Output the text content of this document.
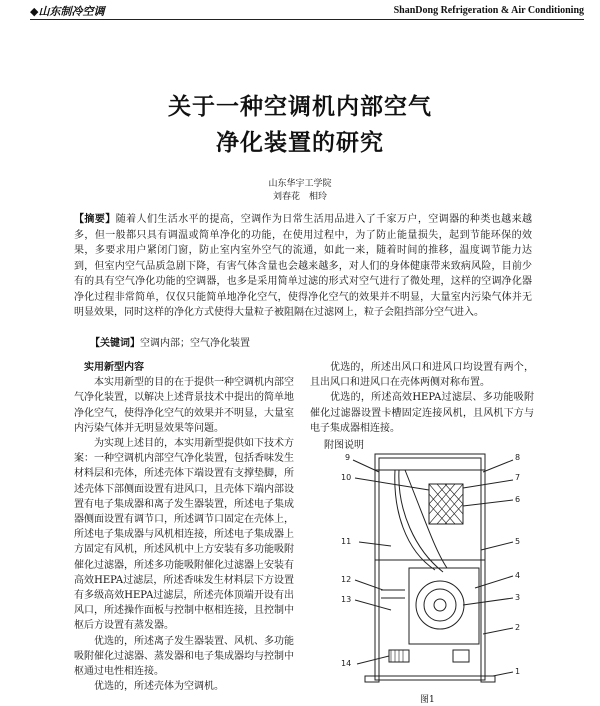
◆山东制冷空调	ShanDong Refrigeration & Air Conditioning
关于一种空调机内部空气
净化装置的研究
山东华宇工学院
刘春花　相玲
【摘要】随着人们生活水平的提高，空调作为日常生活用品进入了千家万户，空调器的种类也越来越多，但一般都只具有调温或简单净化的功能，在使用过程中，为了防止能量损失，起到节能环保的效果，多要求用户紧闭门窗，防止室内室外空气的流通，如此一来，随着时间的推移，温度调节能力达到，但室内空气品质急剧下降，有害气体含量也会越来越多，对人们的身体健康带来致病风险，目前少有的具有空气净化功能的空调器，也多是采用简单过滤的形式对空气进行了微处理，这样的空调净化器净化过程非常简单，仅仅只能简单地净化空气，使得净化空气的效果并不明显，大量室内污染气体并无明显效果，同时这样的净化方式使得大量粒子被阻隔在过滤网上，粒子会阻挡部分空气进入。
【关键词】空调内部；空气净化装置

实用新型内容

本实用新型的目的在于提供一种空调机内部空气净化装置，以解决上述背景技术中提出的简单地净化空气，使得净化空气的效果并不明显，大量室内污染气体并无明显效果等问题。

为实现上述目的，本实用新型提供如下技术方案：一种空调机内部空气净化装置，包括香味发生材料层和壳体，所述壳体下端设置有支撑垫脚，所述壳体下部侧面设置有进风口，且壳体下端内部设置有电子集成器和离子发生器装置，所述电子集成器侧面设置有调节口，所述调节口固定在壳体上，所述电子集成器与风机相连接，所述电子集成器上方固定有风机，所述风机中上方安装有多功能吸附催化过滤器，所述多功能吸附催化过滤器上安装有高效HEPA过滤层，所述香味发生材料层下方设置有多级高效HEPA过滤层，所述壳体顶端开设有出风口，所述操作面板与控制中枢相连接，且控制中枢后方设置有蒸发器。

优选的，所述离子发生器装置、风机、多功能吸附催化过滤器、蒸发器和电子集成器均与控制中枢通过电性相连接。

优选的，所述壳体为空调机。

优选的，所述出风口和进风口均设置有两个，且出风口和进风口在壳体两侧对称布置。

优选的，所述高效HEPA过滤层、多功能吸附催化过滤器设置卡槽固定连接风机，且风机下方与电子集成器相连接。

附图说明
9	8
10	7
6
5
11
4
3
12
13
2
14
1
图1
